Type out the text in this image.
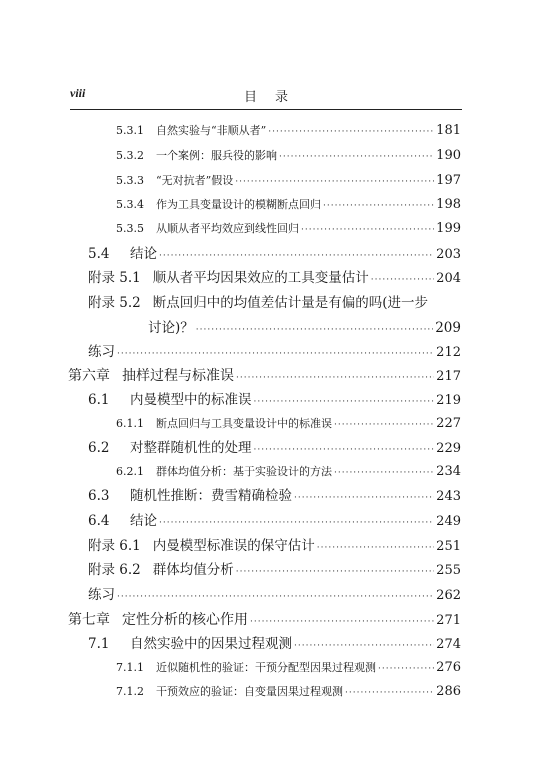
viii	目录
5.3.1	自然实验与“非顺从者” ·····	181
5.3.2	一个案例：服兵役的影响 ·····	190
5.3.3	“无对抗者”假设 ·····	197
5.3.4	作为工具变量设计的模糊断点回归 ·····	198
5.3.5	从顺从者平均效应到线性回归 ·····	199
5.4	结论 ·····	203
附录 5.1 顺从者平均因果效应的工具变量估计 ·····	204
附录 5.2 断点回归中的均值差估计量是有偏的吗(进一步
讨论)？ ·····	209
练习 ·····	212
第六章 抽样过程与标准误 ·····	217
6.1	内曼模型中的标准误 ·····	219
6.1.1	断点回归与工具变量设计中的标准误 ·····	227
6.2	对整群随机性的处理 ·····	229
6.2.1	群体均值分析：基于实验设计的方法 ·····	234
6.3	随机性推断：费雪精确检验 ·····	243
6.4	结论 ·····	249
附录 6.1 内曼模型标准误的保守估计 ·····	251
附录 6.2 群体均值分析 ·····	255
练习 ·····	262
第七章 定性分析的核心作用 ·····	271
7.1	自然实验中的因果过程观测 ·····	274
7.1.1	近似随机性的验证：干预分配型因果过程观测 ·····	276
7.1.2	干预效应的验证：自变量因果过程观测 ·····	286
